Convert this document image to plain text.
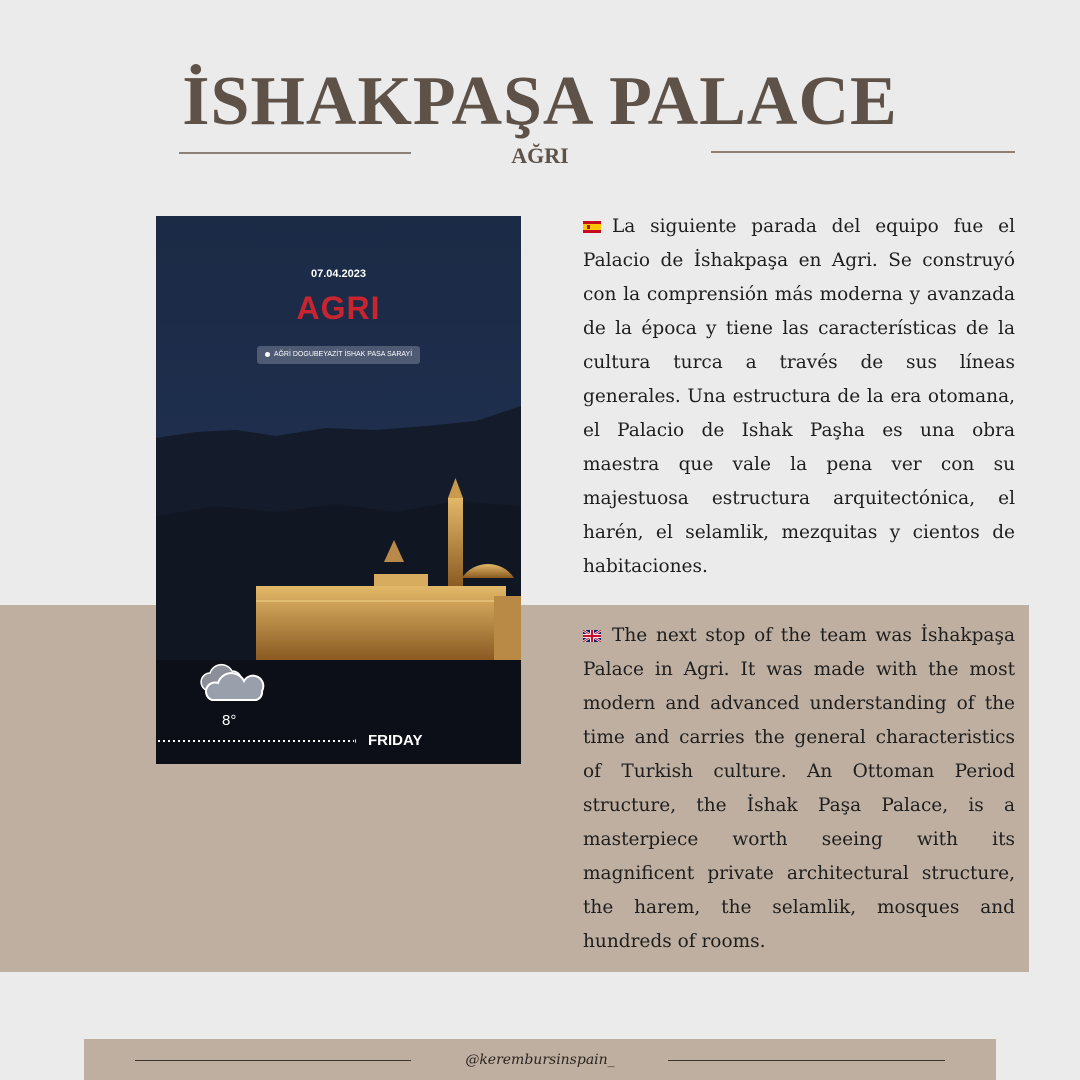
İSHAKPAŞA PALACE
AĞRI
07.04.2023
AGRI
AĞRİ DOGUBEYAZİT İSHAK PASA SARAYİ
8°
FRIDAY

La siguiente parada del equipo fue el Palacio de İshakpaşa en Agri. Se construyó con la comprensión más moderna y avanzada de la época y tiene las características de la cultura turca a través de sus líneas generales. Una estructura de la era otomana, el Palacio de Ishak Paşha es una obra maestra que vale la pena ver con su majestuosa estructura arquitectónica, el harén, el selamlik, mezquitas y cientos de habitaciones.

The next stop of the team was İshakpaşa Palace in Agri. It was made with the most modern and advanced understanding of the time and carries the general characteristics of Turkish culture. An Ottoman Period structure, the İshak Paşa Palace, is a masterpiece worth seeing with its magnificent private architectural structure, the harem, the selamlik, mosques and hundreds of rooms.

@kerembursinspain_
